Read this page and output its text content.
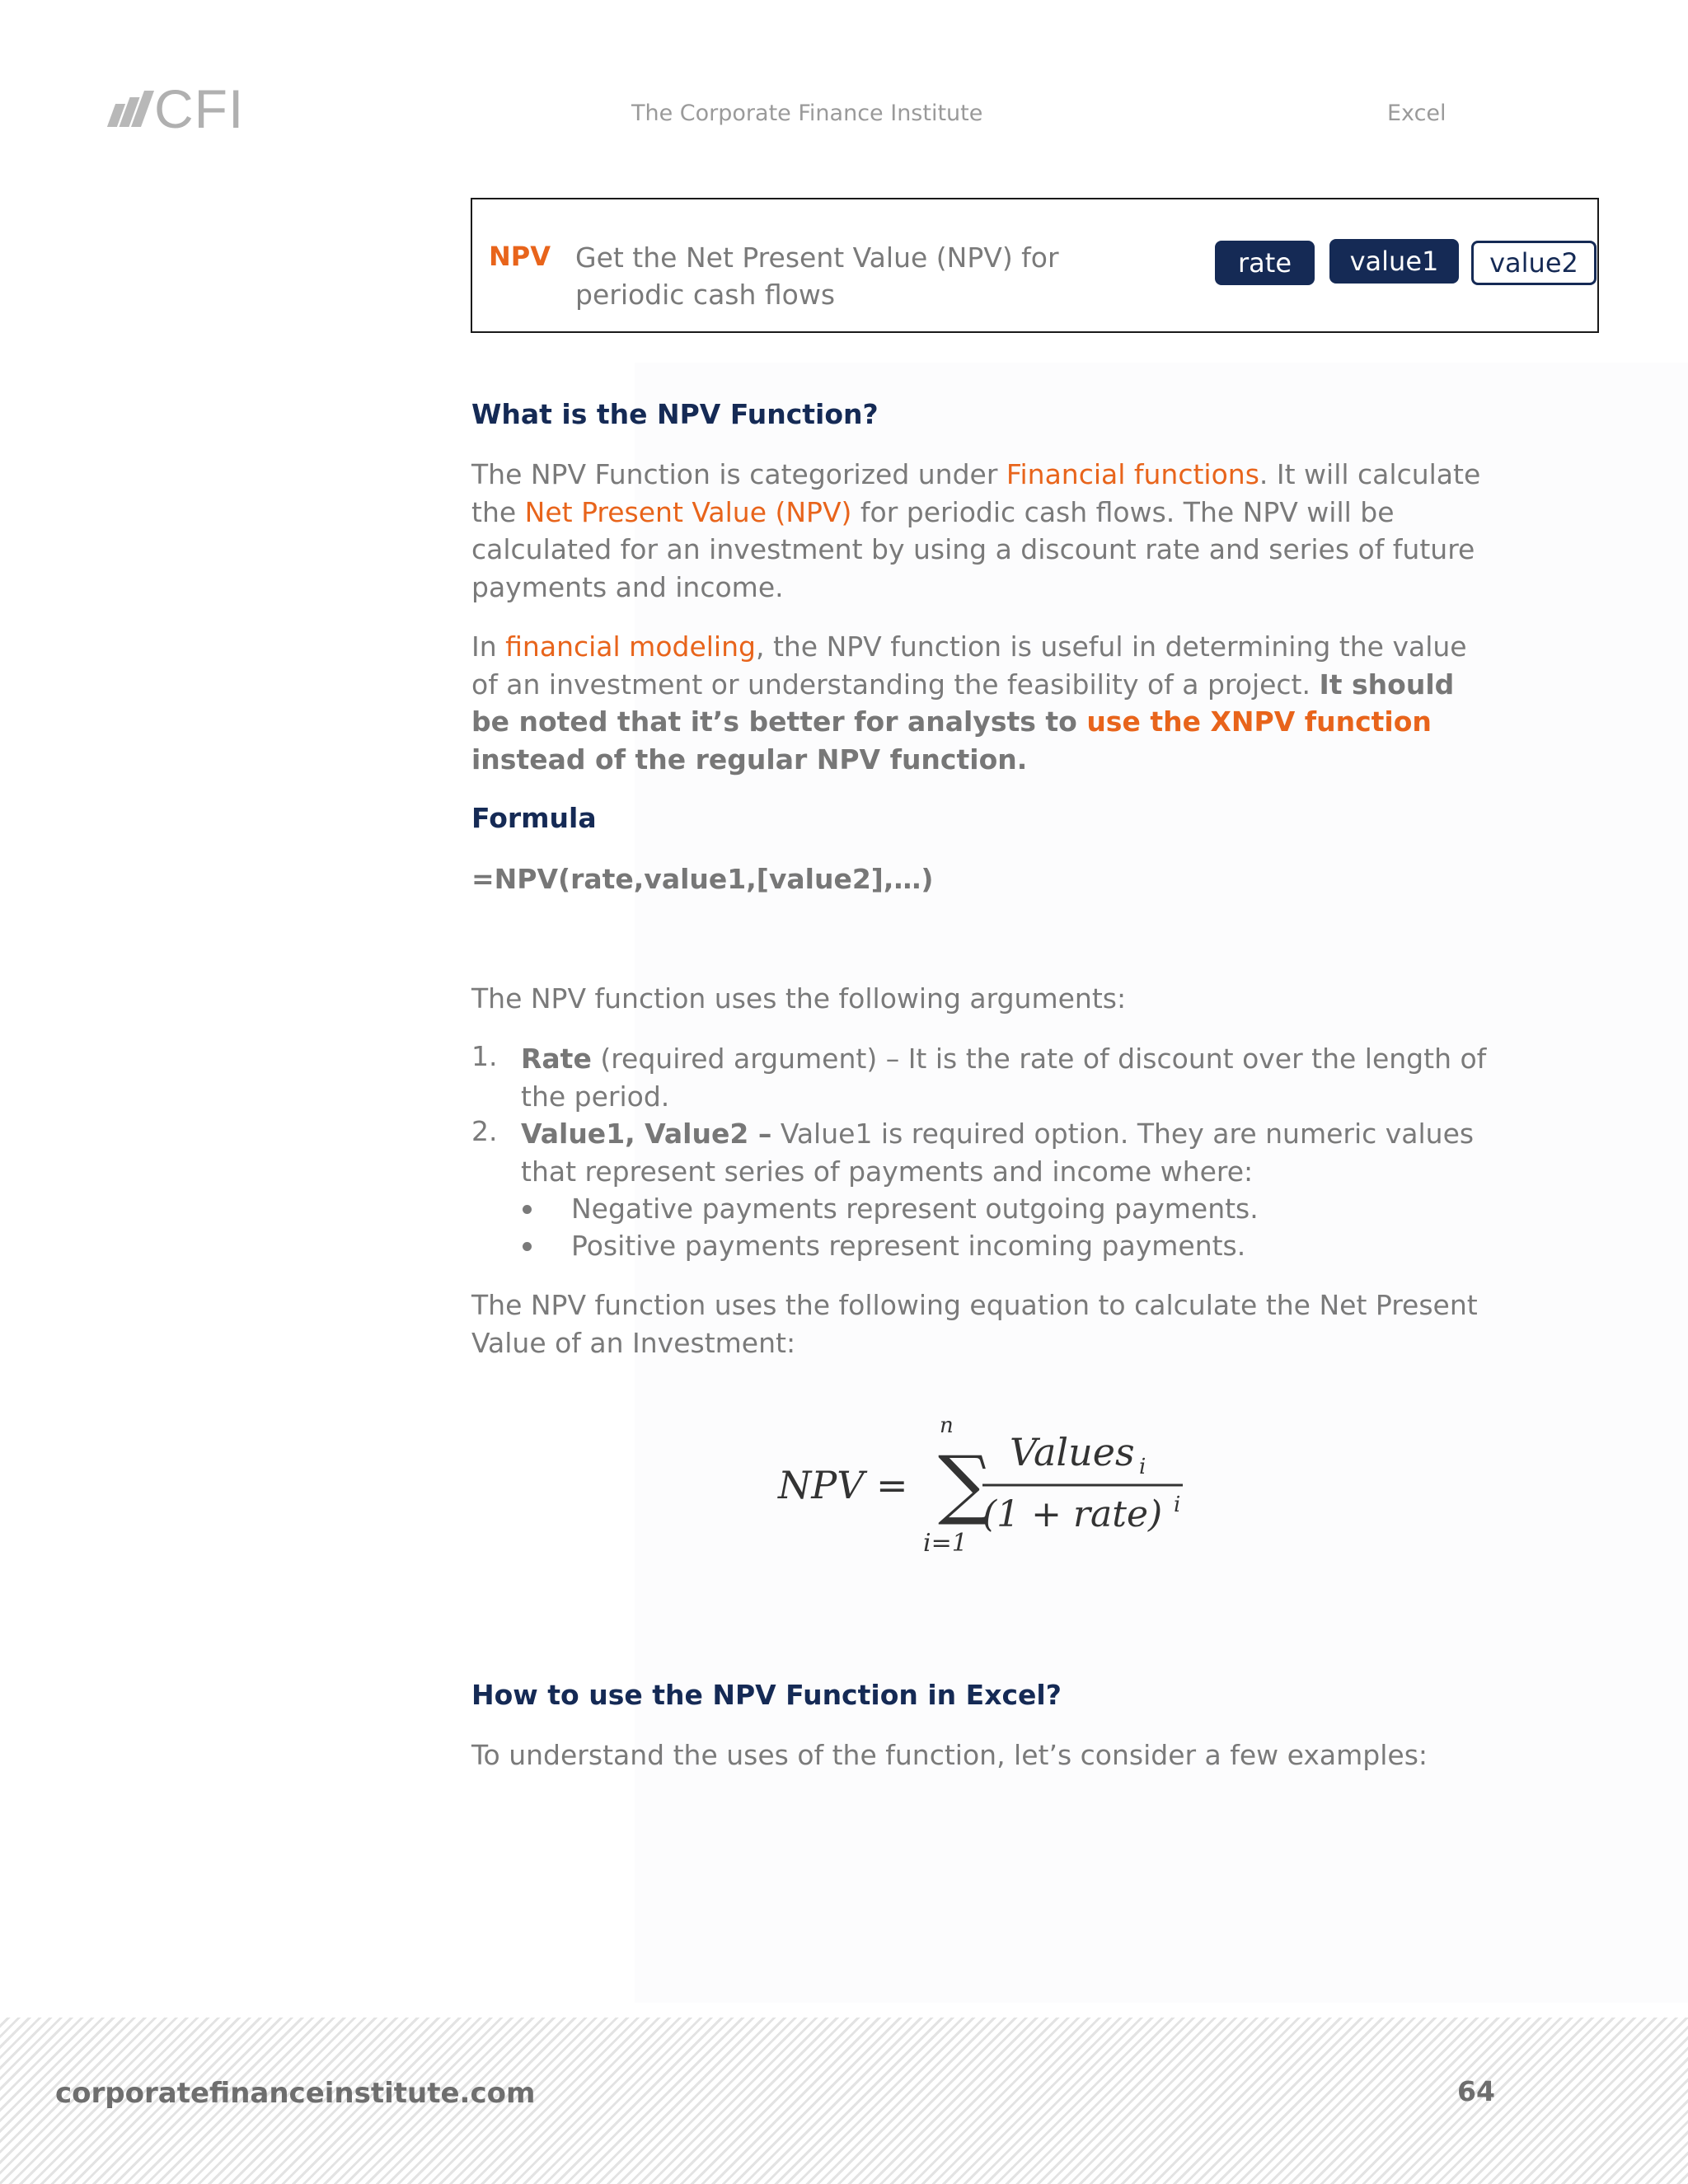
CFI	The Corporate Finance Institute	Excel
NPV Get the Net Present Value (NPV) for periodic cash flows
rate	value1	value2
What is the NPV Function?
The NPV Function is categorized under Financial functions. It will calculate the Net Present Value (NPV) for periodic cash flows. The NPV will be calculated for an investment by using a discount rate and series of future payments and income.
In financial modeling, the NPV function is useful in determining the value of an investment or understanding the feasibility of a project. It should be noted that it’s better for analysts to use the XNPV function instead of the regular NPV function.
Formula
=NPV(rate,value1,[value2],…)
The NPV function uses the following arguments:
1. Rate (required argument) – It is the rate of discount over the length of the period.
2. Value1, Value2 – Value1 is required option. They are numeric values that represent series of payments and income where:
Negative payments represent outgoing payments.
Positive payments represent incoming payments.
The NPV function uses the following equation to calculate the Net Present Value of an Investment:
NPV = ∑
n
i=1
Values i
(1 + rate) i
How to use the NPV Function in Excel?
To understand the uses of the function, let’s consider a few examples:
corporatefinanceinstitute.com	64
